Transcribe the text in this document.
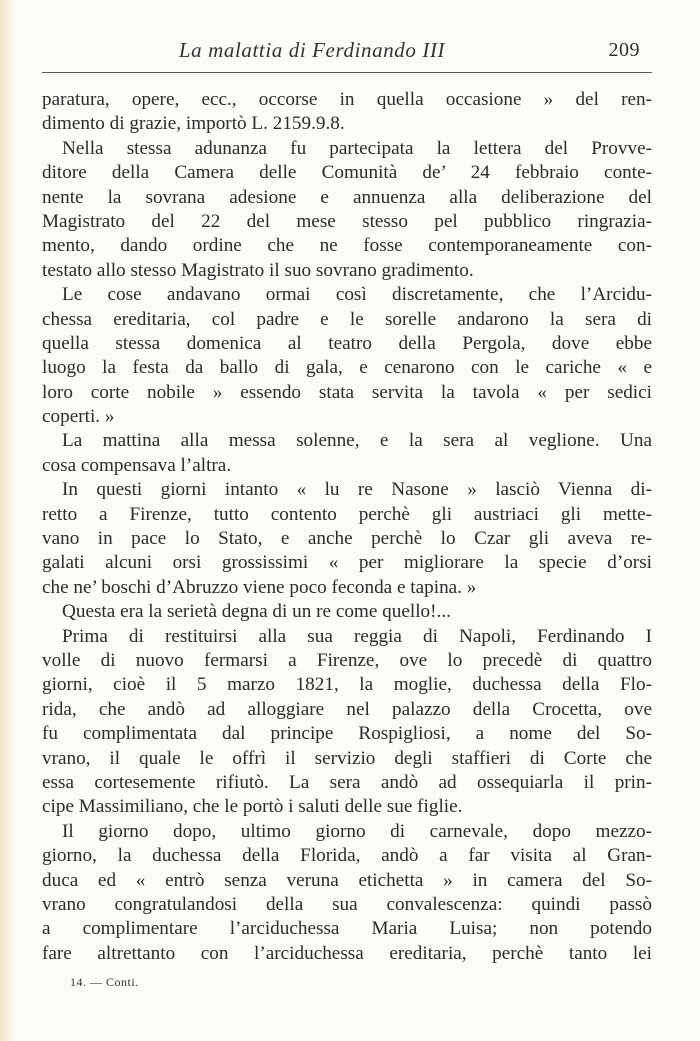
La malattia di Ferdinando III	209
paratura, opere, ecc., occorse in quella occasione » del ren-
dimento di grazie, importò L. 2159.9.8.
Nella stessa adunanza fu partecipata la lettera del Provve-
ditore della Camera delle Comunità de’ 24 febbraio conte-
nente la sovrana adesione e annuenza alla deliberazione del
Magistrato del 22 del mese stesso pel pubblico ringrazia-
mento, dando ordine che ne fosse contemporaneamente con-
testato allo stesso Magistrato il suo sovrano gradimento.
Le cose andavano ormai così discretamente, che l’Arcidu-
chessa ereditaria, col padre e le sorelle andarono la sera di
quella stessa domenica al teatro della Pergola, dove ebbe
luogo la festa da ballo di gala, e cenarono con le cariche « e
loro corte nobile » essendo stata servita la tavola « per sedici
coperti. »
La mattina alla messa solenne, e la sera al veglione. Una
cosa compensava l’altra.
In questi giorni intanto « lu re Nasone » lasciò Vienna di-
retto a Firenze, tutto contento perchè gli austriaci gli mette-
vano in pace lo Stato, e anche perchè lo Czar gli aveva re-
galati alcuni orsi grossissimi « per migliorare la specie d’orsi
che ne’ boschi d’Abruzzo viene poco feconda e tapina. »
Questa era la serietà degna di un re come quello!...
Prima di restituirsi alla sua reggia di Napoli, Ferdinando I
volle di nuovo fermarsi a Firenze, ove lo precedè di quattro
giorni, cioè il 5 marzo 1821, la moglie, duchessa della Flo-
rida, che andò ad alloggiare nel palazzo della Crocetta, ove
fu complimentata dal principe Rospigliosi, a nome del So-
vrano, il quale le offrì il servizio degli staffieri di Corte che
essa cortesemente rifiutò. La sera andò ad ossequiarla il prin-
cipe Massimiliano, che le portò i saluti delle sue figlie.
Il giorno dopo, ultimo giorno di carnevale, dopo mezzo-
giorno, la duchessa della Florida, andò a far visita al Gran-
duca ed « entrò senza veruna etichetta » in camera del So-
vrano congratulandosi della sua convalescenza: quindi passò
a complimentare l’arciduchessa Maria Luisa; non potendo
fare altrettanto con l’arciduchessa ereditaria, perchè tanto lei
14. — Conti.
